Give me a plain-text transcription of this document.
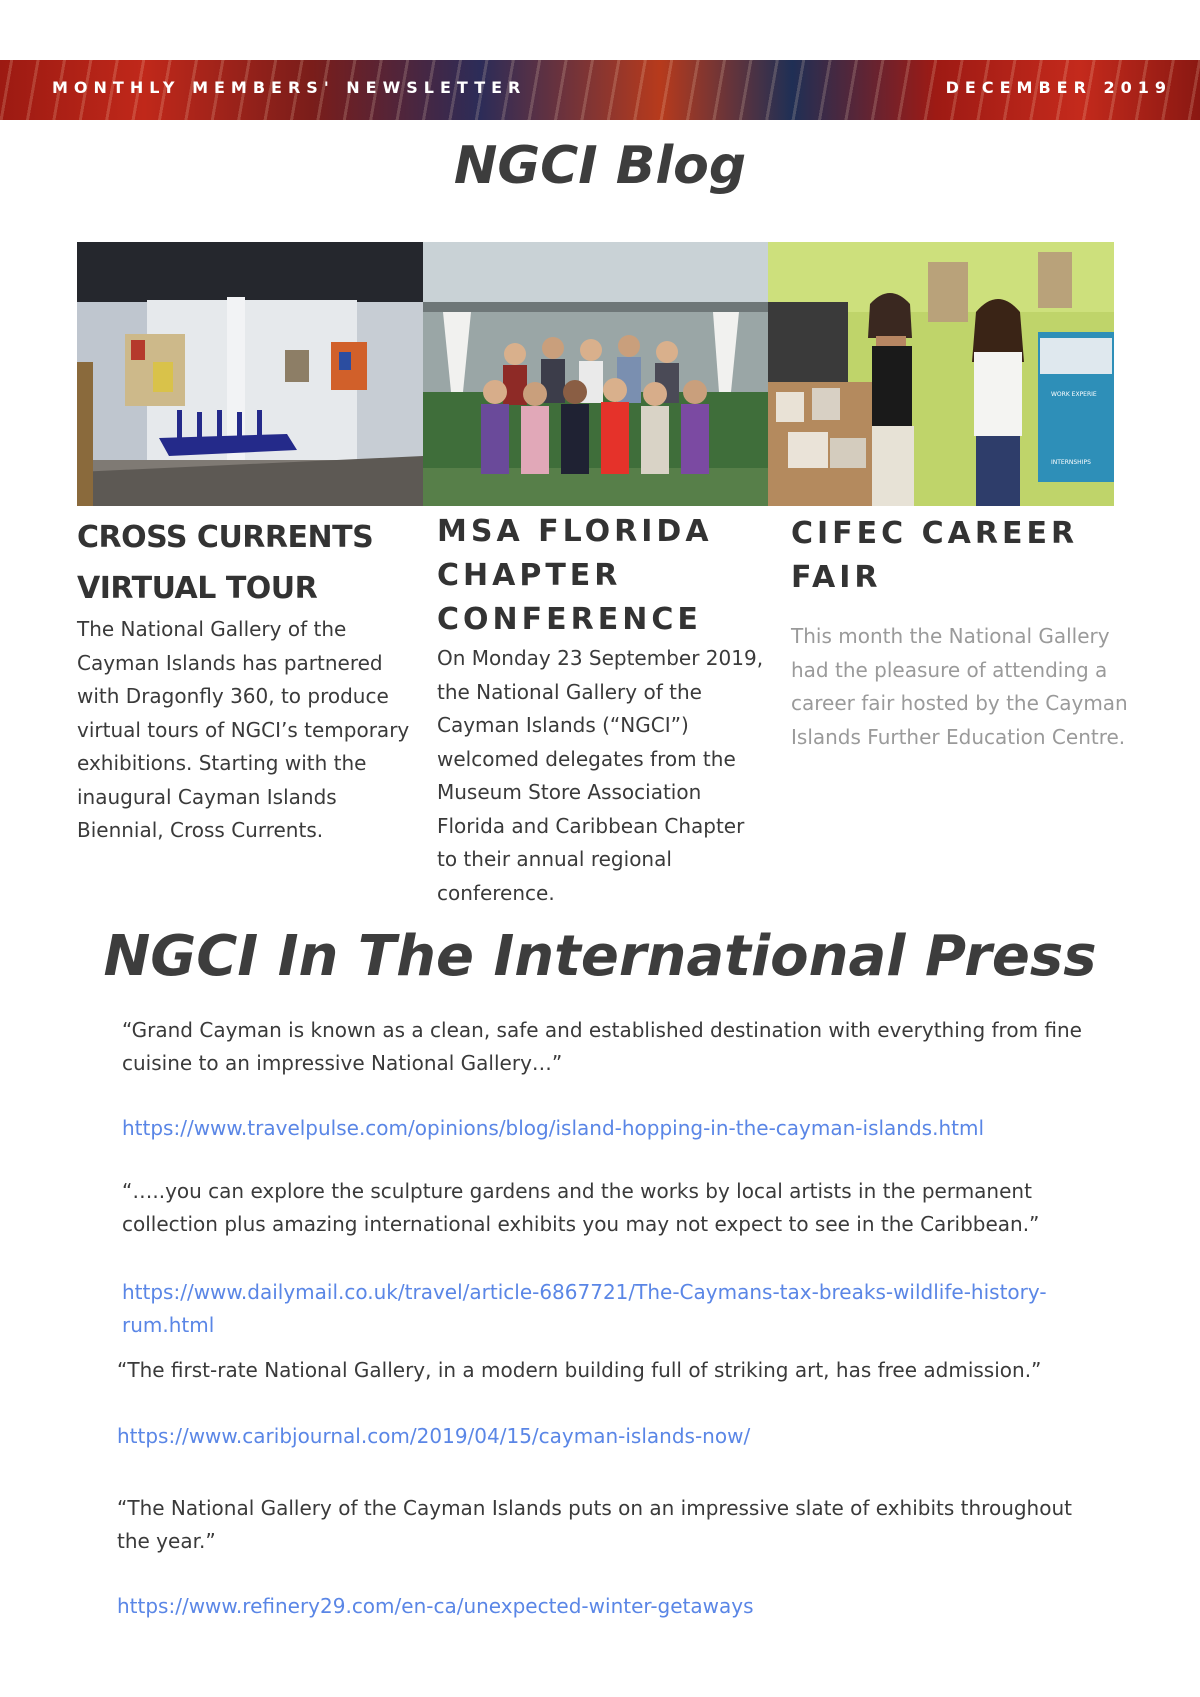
MONTHLY MEMBERS' NEWSLETTER	DECEMBER 2019
NGCI Blog
WORK EXPERIE
INTERNSHIPS
CROSS CURRENTS
VIRTUAL TOUR

The National Gallery of the Cayman Islands has partnered with Dragonfly 360, to produce virtual tours of NGCI’s temporary exhibitions. Starting with the inaugural Cayman Islands Biennial, Cross Currents.

MSA FLORIDA
CHAPTER
CONFERENCE

On Monday 23 September 2019, the National Gallery of the Cayman Islands (“NGCI”) welcomed delegates from the Museum Store Association Florida and Caribbean Chapter to their annual regional conference.

CIFEC CAREER
FAIR

This month the National Gallery had the pleasure of attending a career fair hosted by the Cayman Islands Further Education Centre.

NGCI In The International Press

“Grand Cayman is known as a clean, safe and established destination with everything from fine cuisine to an impressive National Gallery…”

https://www.travelpulse.com/opinions/blog/island-hopping-in-the-cayman-islands.html

“…..you can explore the sculpture gardens and the works by local artists in the permanent collection plus amazing international exhibits you may not expect to see in the Caribbean.”

https://www.dailymail.co.uk/travel/article-6867721/The-Caymans-tax-breaks-wildlife-history-rum.html

“The first-rate National Gallery, in a modern building full of striking art, has free admission.”

https://www.caribjournal.com/2019/04/15/cayman-islands-now/

“The National Gallery of the Cayman Islands puts on an impressive slate of exhibits throughout the year.”

https://www.refinery29.com/en-ca/unexpected-winter-getaways
